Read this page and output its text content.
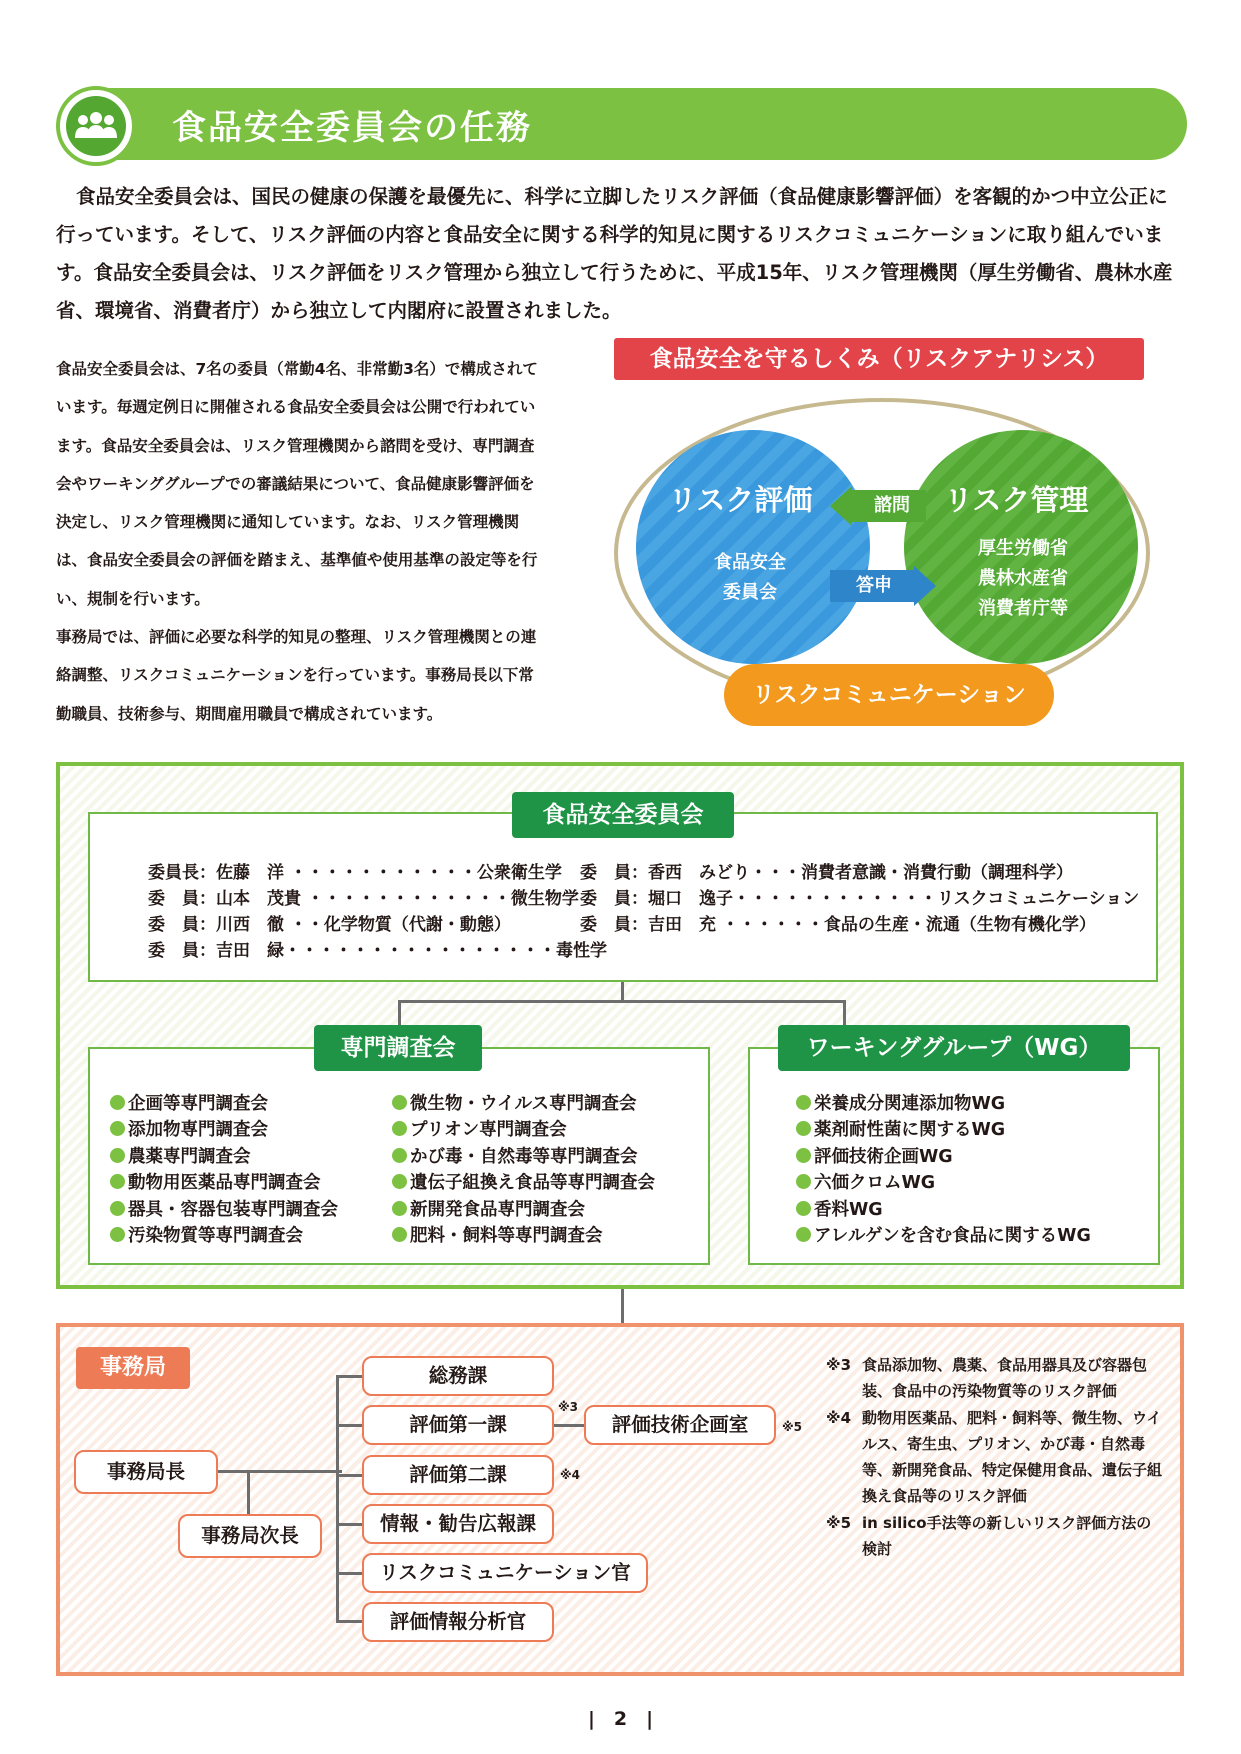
食品安全委員会の任務
食品安全委員会は、国民の健康の保護を最優先に、科学に立脚したリスク評価（食品健康影響評価）を客観的かつ中立公正に行っています。そして、リスク評価の内容と食品安全に関する科学的知見に関するリスクコミュニケーションに取り組んでいます。食品安全委員会は、リスク評価をリスク管理から独立して行うために、平成15年、リスク管理機関（厚生労働省、農林水産省、環境省、消費者庁）から独立して内閣府に設置されました。

食品安全委員会は、7名の委員（常勤4名、非常勤3名）で構成されています。毎週定例日に開催される食品安全委員会は公開で行われています。食品安全委員会は、リスク管理機関から諮問を受け、専門調査会やワーキンググループでの審議結果について、食品健康影響評価を決定し、リスク管理機関に通知しています。なお、リスク管理機関は、食品安全委員会の評価を踏まえ、基準値や使用基準の設定等を行い、規制を行います。

事務局では、評価に必要な科学的知見の整理、リスク管理機関との連絡調整、リスクコミュニケーションを行っています。事務局長以下常勤職員、技術参与、期間雇用職員で構成されています。

食品安全を守るしくみ（リスクアナリシス）
リスク評価
食品安全
委員会
リスク管理
厚生労働省
農林水産省
消費者庁等
諮問
答申
リスクコミュニケーション
食品安全委員会
委員長：佐藤　洋 ・・・・・・・・・・・公衆衛生学
委　員：山本　茂貴 ・・・・・・・・・・・・微生物学
委　員：川西　徹 ・・化学物質（代謝・動態）
委　員：吉田　緑・・・・・・・・・・・・・・・・毒性学
委　員：香西　みどり・・・消費者意識・消費行動（調理科学）
委　員：堀口　逸子・・・・・・・・・・・・リスクコミュニケーション
委　員：吉田　充 ・・・・・・食品の生産・流通（生物有機化学）
専門調査会
企画等専門調査会
添加物専門調査会
農薬専門調査会
動物用医薬品専門調査会
器具・容器包装専門調査会
汚染物質等専門調査会
微生物・ウイルス専門調査会
プリオン専門調査会
かび毒・自然毒等専門調査会
遺伝子組換え食品等専門調査会
新開発食品専門調査会
肥料・飼料等専門調査会
ワーキンググループ（WG）
栄養成分関連添加物WG
薬剤耐性菌に関するWG
評価技術企画WG
六価クロムWG
香料WG
アレルゲンを含む食品に関するWG
事務局
事務局長
事務局次長
総務課
評価第一課
評価第二課
情報・勧告広報課
リスクコミュニケーション官
評価情報分析官
評価技術企画室
※3
※5
※4
※3 食品添加物、農薬、食品用器具及び容器包装、食品中の汚染物質等のリスク評価
※4 動物用医薬品、肥料・飼料等、微生物、ウイルス、寄生虫、プリオン、かび毒・自然毒等、新開発食品、特定保健用食品、遺伝子組換え食品等のリスク評価
※5 in silico手法等の新しいリスク評価方法の検討
|　2　|
